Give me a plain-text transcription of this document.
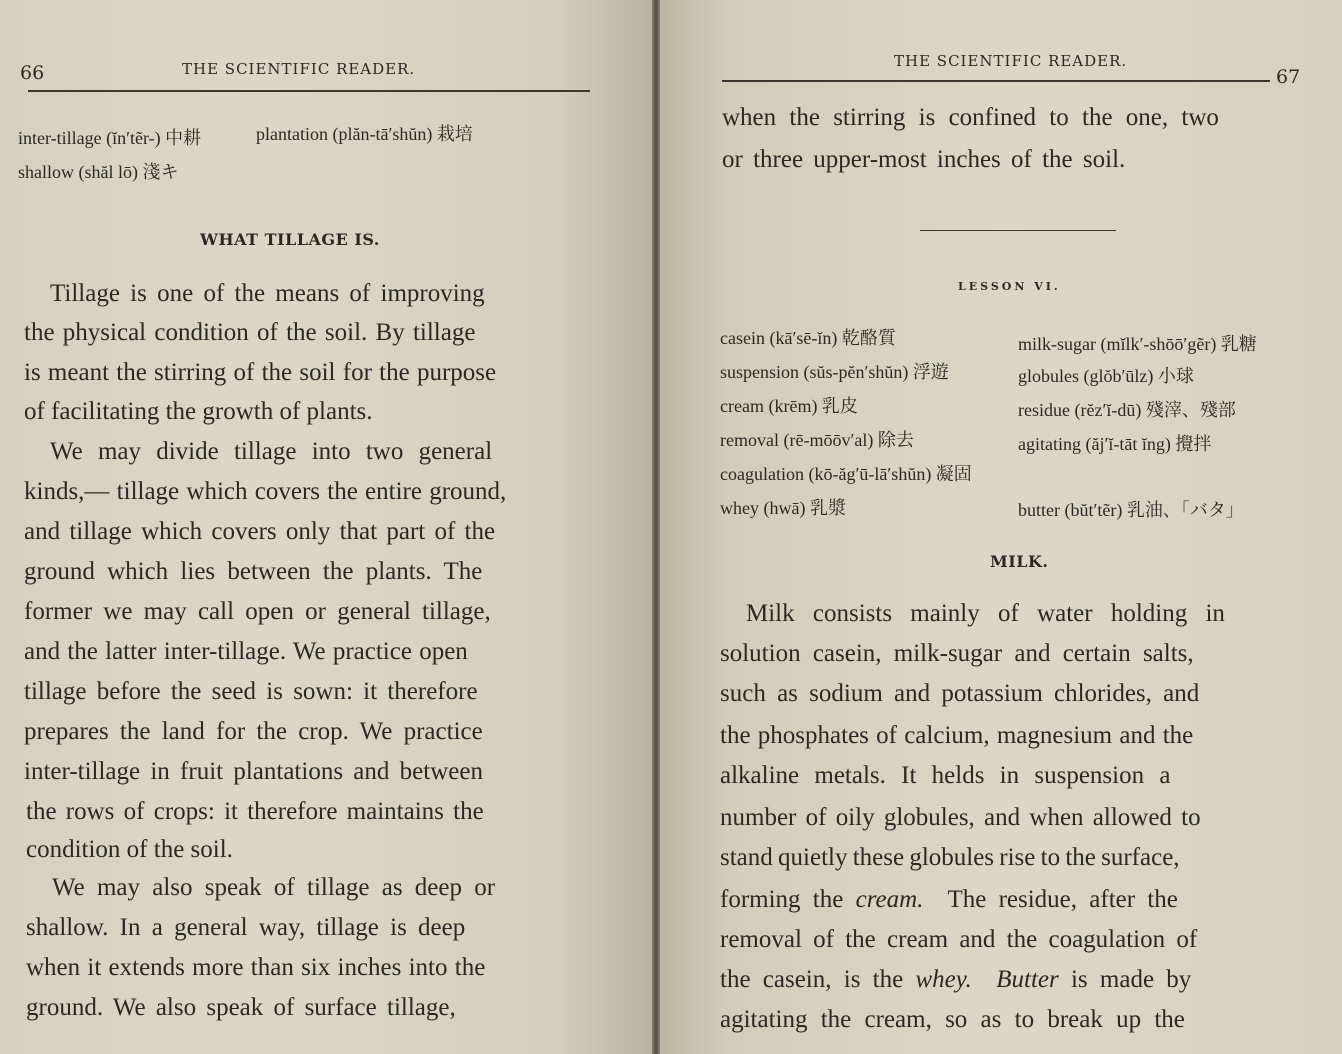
66	THE SCIENTIFIC READER.
inter-tillage (ĭn′tẽr-) 中耕	plantation (plăn-tā′shŭn) 栽培
shallow (shăl lō) 淺キ
WHAT TILLAGE IS.
Tillage is one of the means of improving
the physical condition of the soil. By tillage
is meant the stirring of the soil for the purpose
of facilitating the growth of plants.
We may divide tillage into two general
kinds,— tillage which covers the entire ground,
and tillage which covers only that part of the
ground which lies between the plants. The
former we may call open or general tillage,
and the latter inter-tillage. We practice open
tillage before the seed is sown: it therefore
prepares the land for the crop. We practice
inter-tillage in fruit plantations and between
the rows of crops: it therefore maintains the
condition of the soil.
We may also speak of tillage as deep or
shallow. In a general way, tillage is deep
when it extends more than six inches into the
ground. We also speak of surface tillage,
THE SCIENTIFIC READER.
67
when the stirring is confined to the one, two
or three upper-most inches of the soil.
LESSON VI.
casein (kā′sē-ĭn) 乾酪質
suspension (sŭs-pĕn′shŭn) 浮遊
cream (krēm) 乳皮
removal (rē-mōōv′al) 除去
coagulation (kō-ăg′ū-lā′shŭn) 凝固
whey (hwā) 乳漿
milk-sugar (mĭlk′-shōō′gẽr) 乳糖
globules (glŏb′ūlz) 小球
residue (rĕz′ĭ-dū) 殘滓、殘部
agitating (ăj′ĭ-tāt ĭng) 攪拌
butter (bŭt′tẽr) 乳油、「バタ」
MILK.
Milk consists mainly of water holding in
solution casein, milk-sugar and certain salts,
such as sodium and potassium chlorides, and
the phosphates of calcium, magnesium and the
alkaline metals. It helds in suspension a
number of oily globules, and when allowed to
stand quietly these globules rise to the surface,
forming the cream. The residue, after the
removal of the cream and the coagulation of
the casein, is the whey. Butter is made by
agitating the cream, so as to break up the
